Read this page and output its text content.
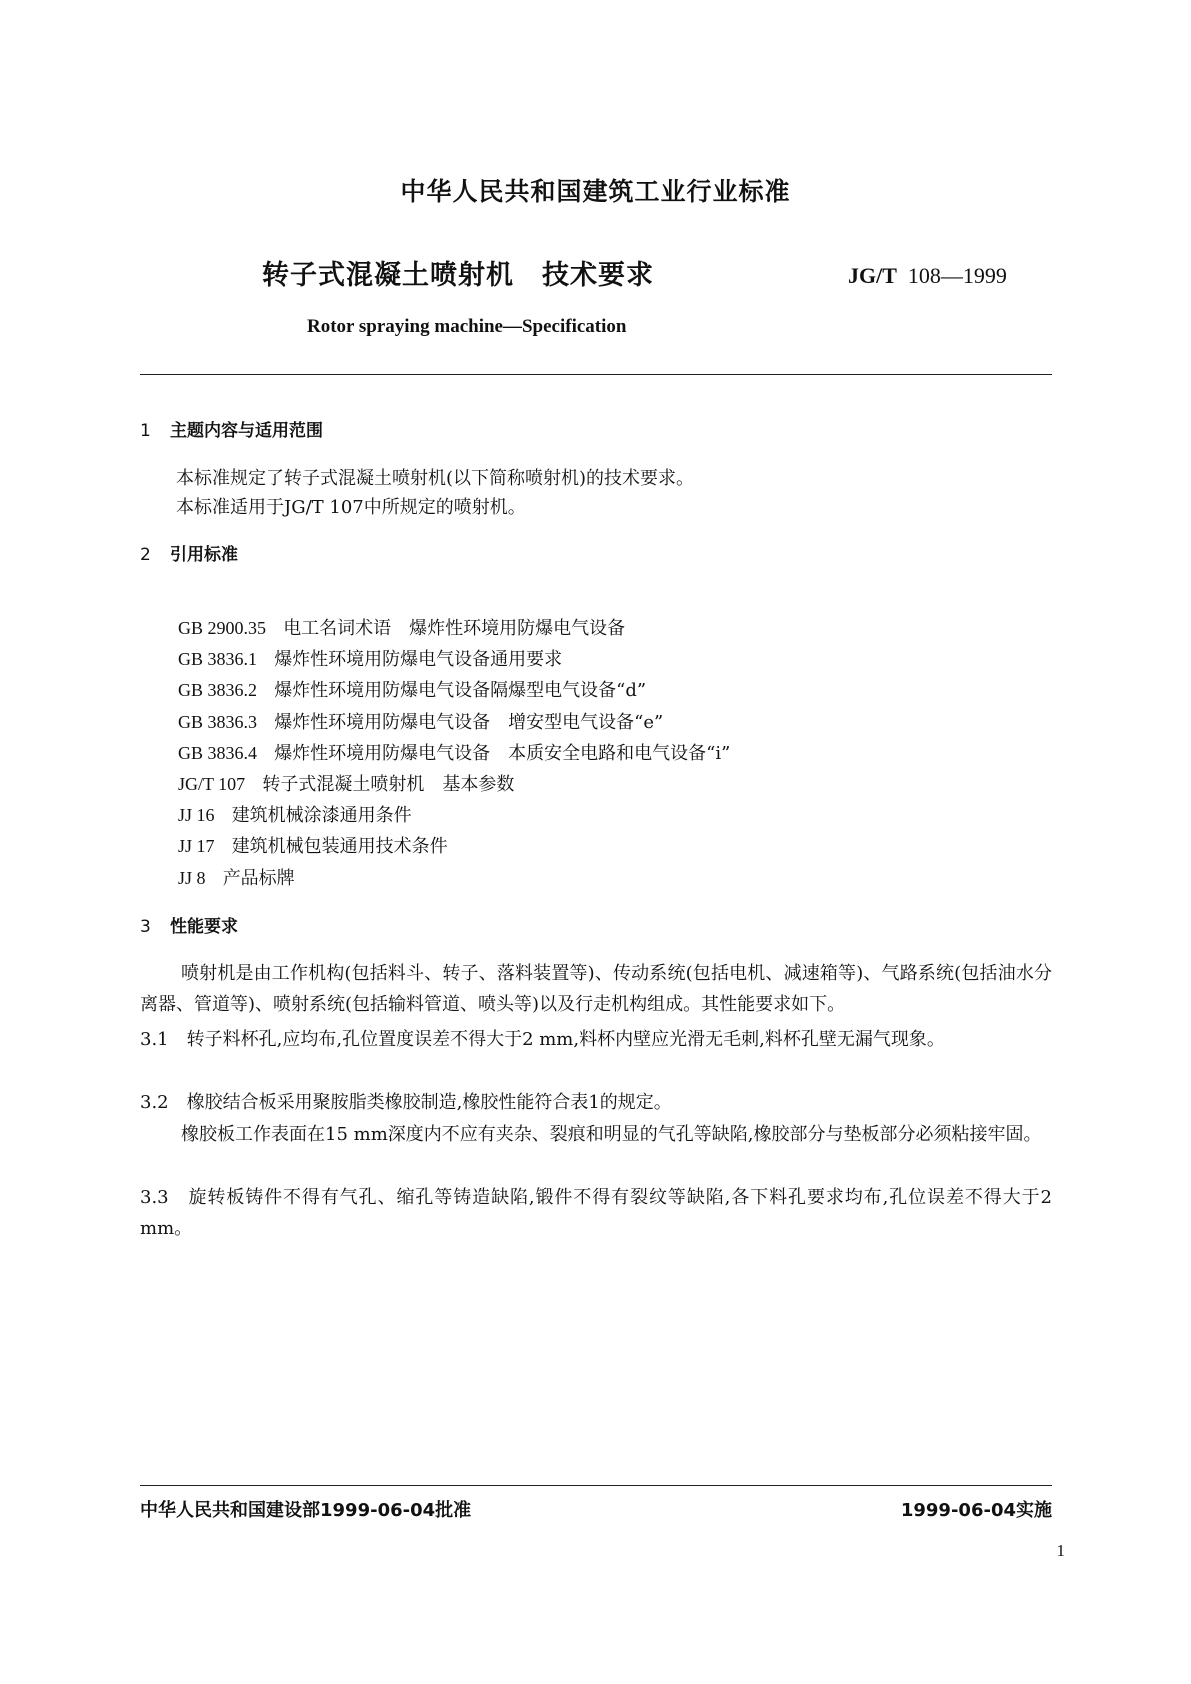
中华人民共和国建筑工业行业标准
转子式混凝土喷射机　技术要求	JG/T 108—1999
Rotor spraying machine—Specification
1 主题内容与适用范围
本标准规定了转子式混凝土喷射机(以下简称喷射机)的技术要求。
本标准适用于JG/T 107中所规定的喷射机。
2 引用标准
GB 2900.35 电工名词术语　爆炸性环境用防爆电气设备
GB 3836.1 爆炸性环境用防爆电气设备通用要求
GB 3836.2 爆炸性环境用防爆电气设备隔爆型电气设备“d”
GB 3836.3 爆炸性环境用防爆电气设备　增安型电气设备“e”
GB 3836.4 爆炸性环境用防爆电气设备　本质安全电路和电气设备“i”
JG/T 107 转子式混凝土喷射机　基本参数
JJ 16 建筑机械涂漆通用条件
JJ 17 建筑机械包装通用技术条件
JJ 8 产品标牌
3 性能要求
喷射机是由工作机构(包括料斗、转子、落料装置等)、传动系统(包括电机、减速箱等)、气路系统(包括油水分离器、管道等)、喷射系统(包括输料管道、喷头等)以及行走机构组成。其性能要求如下。
3.1　转子料杯孔,应均布,孔位置度误差不得大于2 mm,料杯内壁应光滑无毛刺,料杯孔壁无漏气现象。
3.2　橡胶结合板采用聚胺脂类橡胶制造,橡胶性能符合表1的规定。
橡胶板工作表面在15 mm深度内不应有夹杂、裂痕和明显的气孔等缺陷,橡胶部分与垫板部分必须粘接牢固。
3.3　旋转板铸件不得有气孔、缩孔等铸造缺陷,锻件不得有裂纹等缺陷,各下料孔要求均布,孔位误差不得大于2 mm。
中华人民共和国建设部1999-06-04批准	1999-06-04实施
1
